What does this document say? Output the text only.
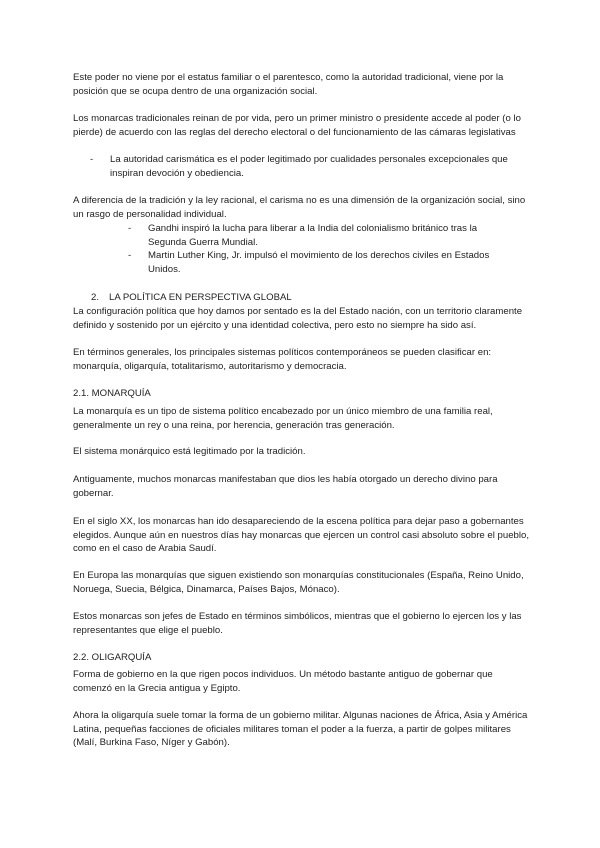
Este poder no viene por el estatus familiar o el parentesco, como la autoridad tradicional, viene por la posición que se ocupa dentro de una organización social.

Los monarcas tradicionales reinan de por vida, pero un primer ministro o presidente accede al poder (o lo pierde) de acuerdo con las reglas del derecho electoral o del funcionamiento de las cámaras legislativas

-	La autoridad carismática es el poder legitimado por cualidades personales excepcionales que inspiran devoción y obediencia.

A diferencia de la tradición y la ley racional, el carisma no es una dimensión de la organización social, sino un rasgo de personalidad individual.

-	Gandhi inspiró la lucha para liberar a la India del colonialismo británico tras la Segunda Guerra Mundial.
-	Martin Luther King, Jr. impulsó el movimiento de los derechos civiles en Estados Unidos.
2.	LA POLÍTICA EN PERSPECTIVA GLOBAL

La configuración política que hoy damos por sentado es la del Estado nación, con un territorio claramente definido y sostenido por un ejército y una identidad colectiva, pero esto no siempre ha sido así.

En términos generales, los principales sistemas políticos contemporáneos se pueden clasificar en: monarquía, oligarquía, totalitarismo, autoritarismo y democracia.

2.1. MONARQUÍA

La monarquía es un tipo de sistema político encabezado por un único miembro de una familia real, generalmente un rey o una reina, por herencia, generación tras generación.

El sistema monárquico está legitimado por la tradición.

Antiguamente, muchos monarcas manifestaban que dios les había otorgado un derecho divino para gobernar.

En el siglo XX, los monarcas han ido desapareciendo de la escena política para dejar paso a gobernantes elegidos. Aunque aún en nuestros días hay monarcas que ejercen un control casi absoluto sobre el pueblo, como en el caso de Arabia Saudí.

En Europa las monarquías que siguen existiendo son monarquías constitucionales (España, Reino Unido, Noruega, Suecia, Bélgica, Dinamarca, Países Bajos, Mónaco).

Estos monarcas son jefes de Estado en términos simbólicos, mientras que el gobierno lo ejercen los y las representantes que elige el pueblo.

2.2. OLIGARQUÍA

Forma de gobierno en la que rigen pocos individuos. Un método bastante antiguo de gobernar que comenzó en la Grecia antigua y Egipto.

Ahora la oligarquía suele tomar la forma de un gobierno militar. Algunas naciones de África, Asia y América Latina, pequeñas facciones de oficiales militares toman el poder a la fuerza, a partir de golpes militares (Malí, Burkina Faso, Níger y Gabón).
